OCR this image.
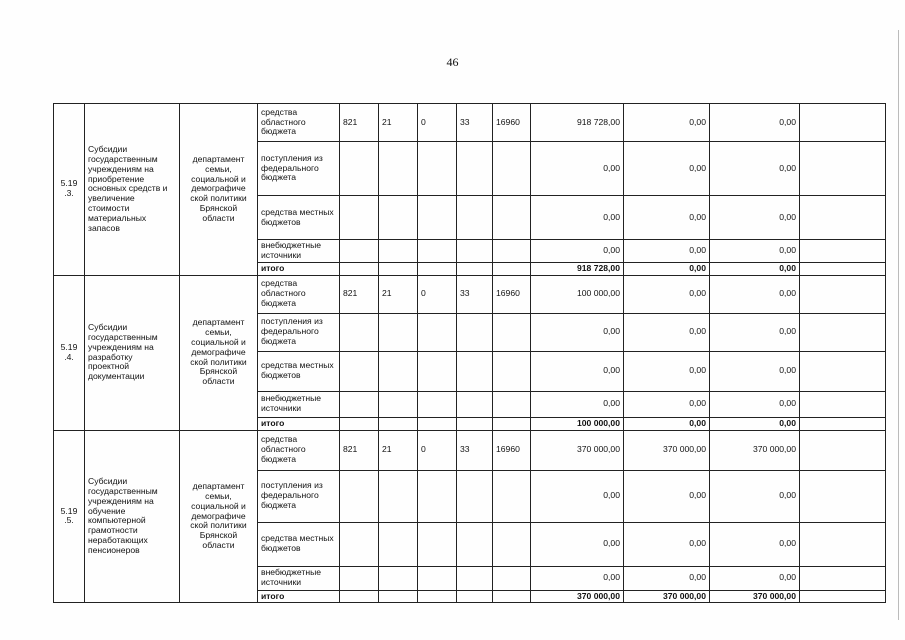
46
5.19
.3.	Субсидии государственным учреждениям на приобретение основных средств и увеличение стоимости материальных запасов	департамент семьи, социальной и демографиче ской политики Брянской области	средства областного бюджета	821	21	0	33	16960	918 728,00	0,00	0,00	
			поступления из федерального бюджета						0,00	0,00	0,00	
			средства местных бюджетов						0,00	0,00	0,00	
			внебюджетные источники						0,00	0,00	0,00	
			итого						918 728,00	0,00	0,00	
5.19
.4.	Субсидии государственным учреждениям на разработку проектной документации	департамент семьи, социальной и демографиче ской политики Брянской области	средства областного бюджета	821	21	0	33	16960	100 000,00	0,00	0,00	
			поступления из федерального бюджета						0,00	0,00	0,00	
			средства местных бюджетов						0,00	0,00	0,00	
			внебюджетные источники						0,00	0,00	0,00	
			итого						100 000,00	0,00	0,00	
5.19
.5.	Субсидии государственным учреждениям на обучение компьютерной грамотности неработающих пенсионеров	департамент семьи, социальной и демографиче ской политики Брянской области	средства областного бюджета	821	21	0	33	16960	370 000,00	370 000,00	370 000,00	
			поступления из федерального бюджета						0,00	0,00	0,00	
			средства местных бюджетов						0,00	0,00	0,00	
			внебюджетные источники						0,00	0,00	0,00	
			итого						370 000,00	370 000,00	370 000,00	
